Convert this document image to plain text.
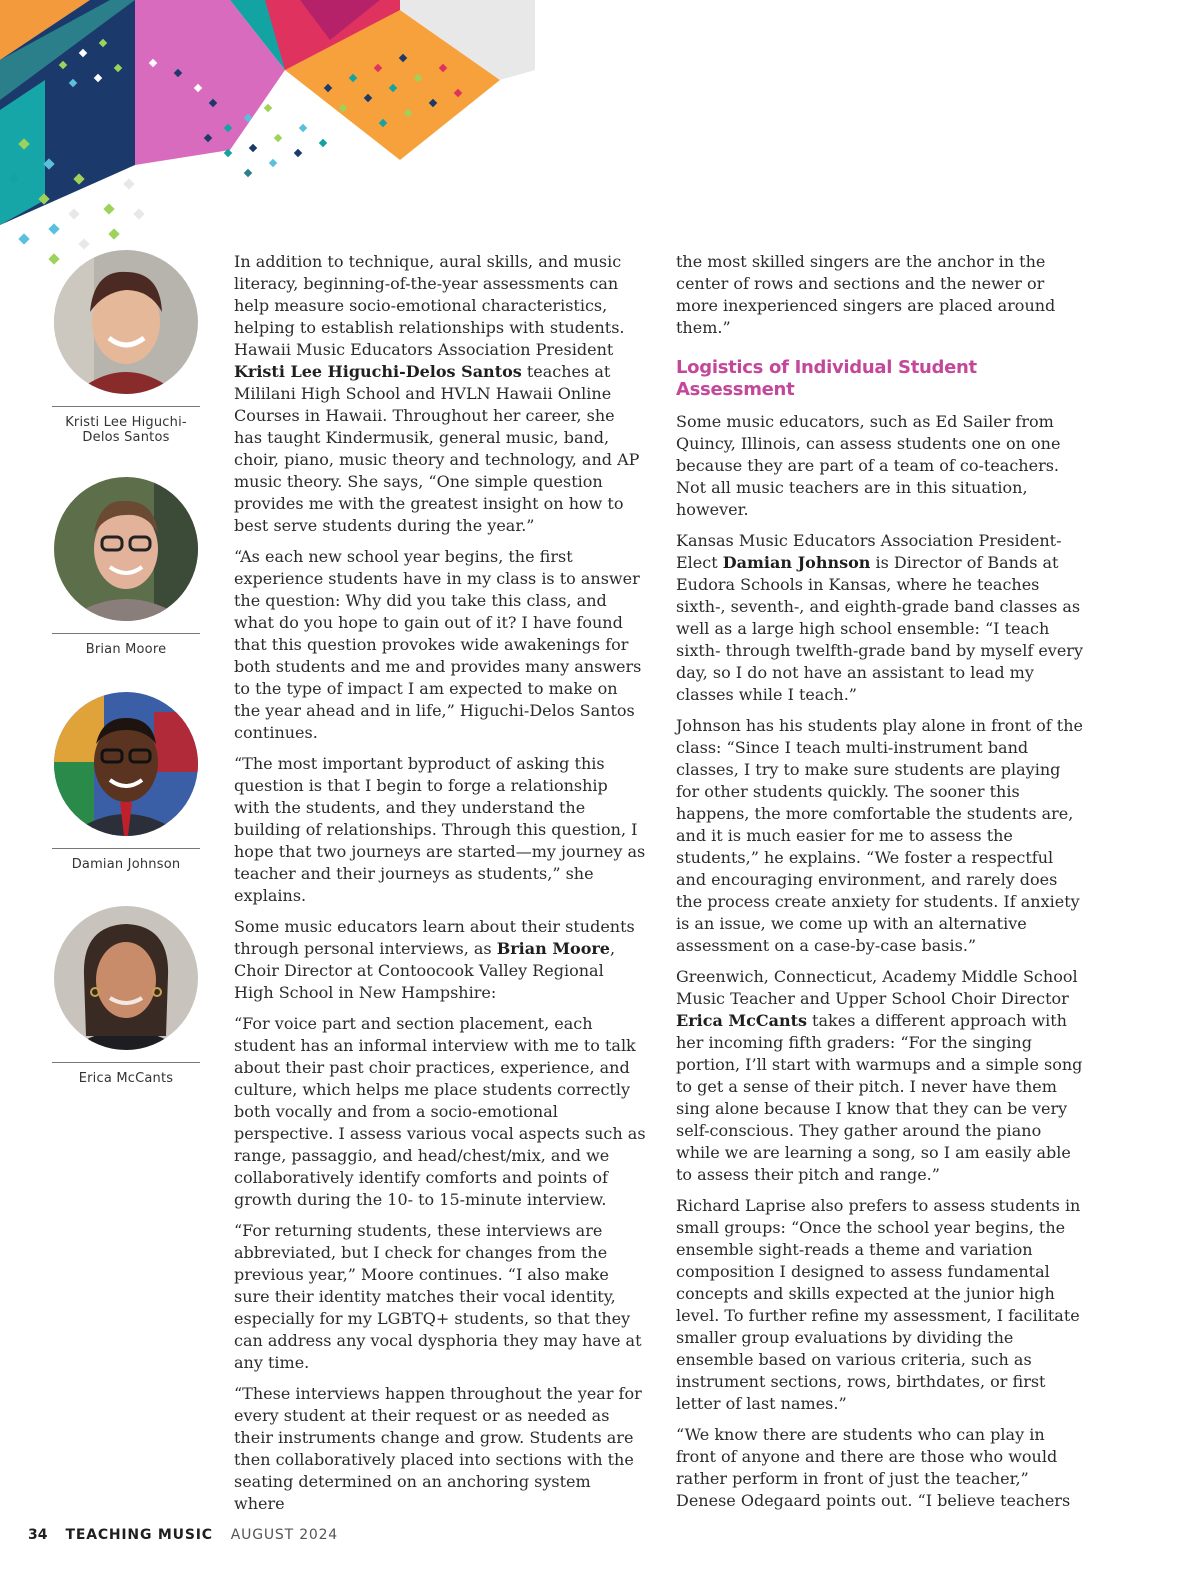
Kristi Lee Higuchi-
Delos Santos
Brian Moore
Damian Johnson
Erica McCants

In addition to technique, aural skills, and music literacy, beginning-of-the-year assessments can help measure socio-emotional characteristics, helping to establish relationships with students. Hawaii Music Educators Association President Kristi Lee Higuchi-Delos Santos teaches at Mililani High School and HVLN Hawaii Online Courses in Hawaii. Throughout her career, she has taught Kindermusik, general music, band, choir, piano, music theory and technology, and AP music theory. She says, “One simple question provides me with the greatest insight on how to best serve students during the year.”

“As each new school year begins, the first experience students have in my class is to answer the question: Why did you take this class, and what do you hope to gain out of it? I have found that this question provokes wide awakenings for both students and me and provides many answers to the type of impact I am expected to make on the year ahead and in life,” Higuchi-Delos Santos continues.

“The most important byproduct of asking this question is that I begin to forge a relationship with the students, and they understand the building of relationships. Through this question, I hope that two journeys are started—my journey as teacher and their journeys as students,” she explains.

Some music educators learn about their students through personal interviews, as Brian Moore, Choir Director at Contoocook Valley Regional High School in New Hampshire:

“For voice part and section placement, each student has an informal interview with me to talk about their past choir practices, experience, and culture, which helps me place students correctly both vocally and from a socio-emotional perspective. I assess various vocal aspects such as range, passaggio, and head/chest/mix, and we collaboratively identify comforts and points of growth during the 10- to 15-minute interview.

“For returning students, these interviews are abbreviated, but I check for changes from the previous year,” Moore continues. “I also make sure their identity matches their vocal identity, especially for my LGBTQ+ students, so that they can address any vocal dysphoria they may have at any time.

“These interviews happen throughout the year for every student at their request or as needed as their instruments change and grow. Students are then collaboratively placed into sections with the seating determined on an anchoring system where

the most skilled singers are the anchor in the center of rows and sections and the newer or more inexperienced singers are placed around them.”

Logistics of Individual Student Assessment

Some music educators, such as Ed Sailer from Quincy, Illinois, can assess students one on one because they are part of a team of co-teachers. Not all music teachers are in this situation, however.

Kansas Music Educators Association President-Elect Damian Johnson is Director of Bands at Eudora Schools in Kansas, where he teaches sixth-, seventh-, and eighth-grade band classes as well as a large high school ensemble: “I teach sixth- through twelfth-grade band by myself every day, so I do not have an assistant to lead my classes while I teach.”

Johnson has his students play alone in front of the class: “Since I teach multi-instrument band classes, I try to make sure students are playing for other students quickly. The sooner this happens, the more comfortable the students are, and it is much easier for me to assess the students,” he explains. “We foster a respectful and encouraging environment, and rarely does the process create anxiety for students. If anxiety is an issue, we come up with an alternative assessment on a case-by-case basis.”

Greenwich, Connecticut, Academy Middle School Music Teacher and Upper School Choir Director Erica McCants takes a different approach with her incoming fifth graders: “For the singing portion, I’ll start with warmups and a simple song to get a sense of their pitch. I never have them sing alone because I know that they can be very self-conscious. They gather around the piano while we are learning a song, so I am easily able to assess their pitch and range.”

Richard Laprise also prefers to assess students in small groups: “Once the school year begins, the ensemble sight-reads a theme and variation composition I designed to assess fundamental concepts and skills expected at the junior high level. To further refine my assessment, I facilitate smaller group evaluations by dividing the ensemble based on various criteria, such as instrument sections, rows, birthdates, or first letter of last names.”

“We know there are students who can play in front of anyone and there are those who would rather perform in front of just the teacher,” Denese Odegaard points out. “I believe teachers

34 TEACHING MUSIC AUGUST 2024
